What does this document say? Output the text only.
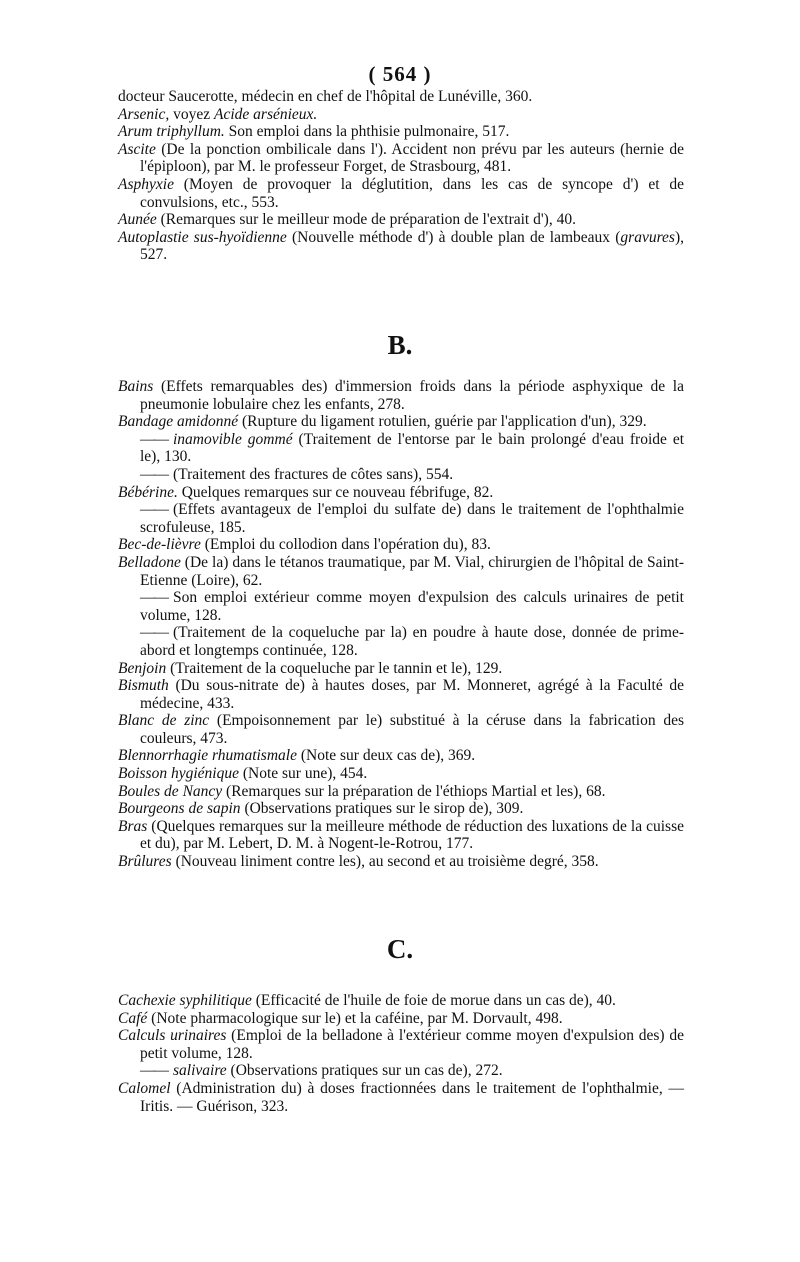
( 564 )

docteur Saucerotte, médecin en chef de l'hôpital de Lunéville, 360.

Arsenic, voyez Acide arsénieux.

Arum triphyllum. Son emploi dans la phthisie pulmonaire, 517.

Ascite (De la ponction ombilicale dans l'). Accident non prévu par les auteurs (hernie de l'épiploon), par M. le professeur Forget, de Strasbourg, 481.

Asphyxie (Moyen de provoquer la déglutition, dans les cas de syncope d') et de convulsions, etc., 553.

Aunée (Remarques sur le meilleur mode de préparation de l'extrait d'), 40.

Autoplastie sus-hyoïdienne (Nouvelle méthode d') à double plan de lambeaux (gravures), 527.

B.

Bains (Effets remarquables des) d'immersion froids dans la période asphyxique de la pneumonie lobulaire chez les enfants, 278.

Bandage amidonné (Rupture du ligament rotulien, guérie par l'application d'un), 329.

—— inamovible gommé (Traitement de l'entorse par le bain prolongé d'eau froide et le), 130.

—— (Traitement des fractures de côtes sans), 554.

Bébérine. Quelques remarques sur ce nouveau fébrifuge, 82.

—— (Effets avantageux de l'emploi du sulfate de) dans le traitement de l'ophthalmie scrofuleuse, 185.

Bec-de-lièvre (Emploi du collodion dans l'opération du), 83.

Belladone (De la) dans le tétanos traumatique, par M. Vial, chirurgien de l'hôpital de Saint-Etienne (Loire), 62.

—— Son emploi extérieur comme moyen d'expulsion des calculs urinaires de petit volume, 128.

—— (Traitement de la coqueluche par la) en poudre à haute dose, donnée de prime-abord et longtemps continuée, 128.

Benjoin (Traitement de la coqueluche par le tannin et le), 129.

Bismuth (Du sous-nitrate de) à hautes doses, par M. Monneret, agrégé à la Faculté de médecine, 433.

Blanc de zinc (Empoisonnement par le) substitué à la céruse dans la fabrication des couleurs, 473.

Blennorrhagie rhumatismale (Note sur deux cas de), 369.

Boisson hygiénique (Note sur une), 454.

Boules de Nancy (Remarques sur la préparation de l'éthiops Martial et les), 68.

Bourgeons de sapin (Observations pratiques sur le sirop de), 309.

Bras (Quelques remarques sur la meilleure méthode de réduction des luxations de la cuisse et du), par M. Lebert, D. M. à Nogent-le-Rotrou, 177.

Brûlures (Nouveau liniment contre les), au second et au troisième degré, 358.

C.

Cachexie syphilitique (Efficacité de l'huile de foie de morue dans un cas de), 40.

Café (Note pharmacologique sur le) et la caféine, par M. Dorvault, 498.

Calculs urinaires (Emploi de la belladone à l'extérieur comme moyen d'expulsion des) de petit volume, 128.

—— salivaire (Observations pratiques sur un cas de), 272.

Calomel (Administration du) à doses fractionnées dans le traitement de l'ophthalmie, — Iritis. — Guérison, 323.
